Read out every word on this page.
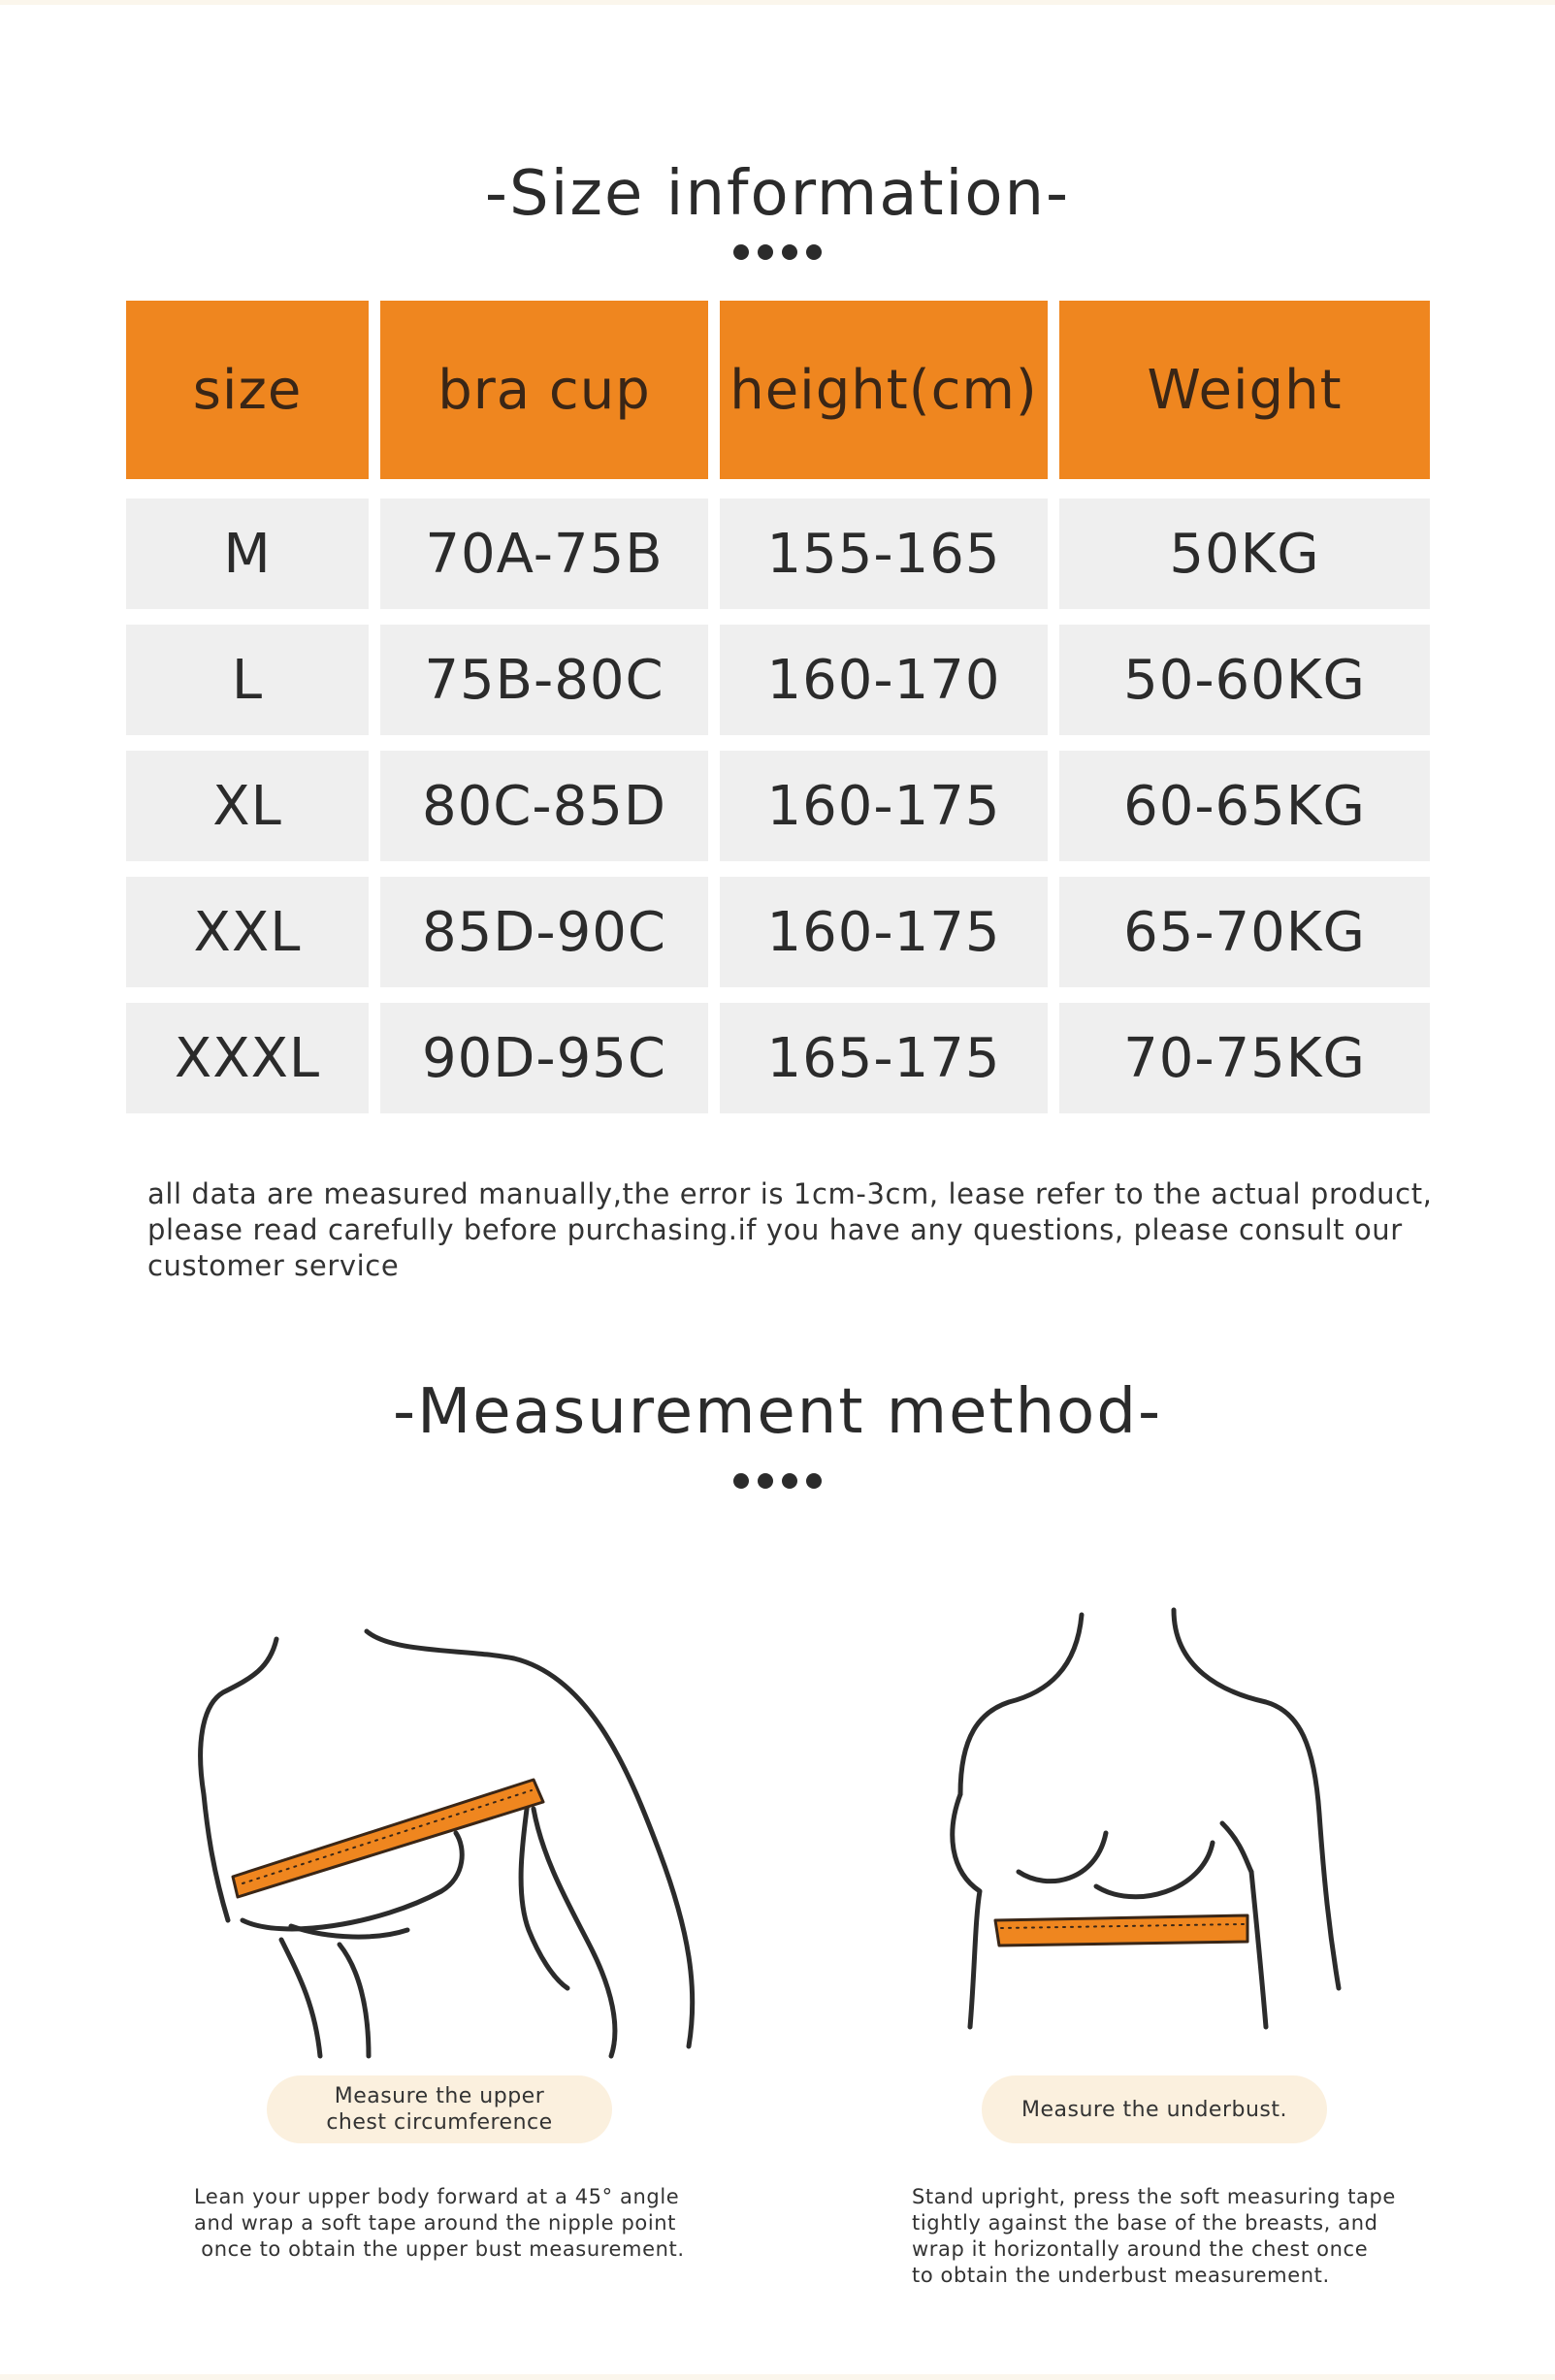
-Size information-
size	bra cup	height(cm)	Weight
M	70A-75B	155-165	50KG
L	75B-80C	160-170	50-60KG
XL	80C-85D	160-175	60-65KG
XXL	85D-90C	160-175	65-70KG
XXXL	90D-95C	165-175	70-75KG
all data are measured manually,the error is 1cm-3cm, lease refer to the actual product, please read carefully before purchasing.if you have any questions, please consult our customer service
-Measurement method-
Measure the upper
chest circumference
Measure the underbust.
Lean your upper body forward at a 45° angle
and wrap a soft tape around the nipple point
once to obtain the upper bust measurement.
Stand upright, press the soft measuring tape
tightly against the base of the breasts, and
wrap it horizontally around the chest once
to obtain the underbust measurement.
